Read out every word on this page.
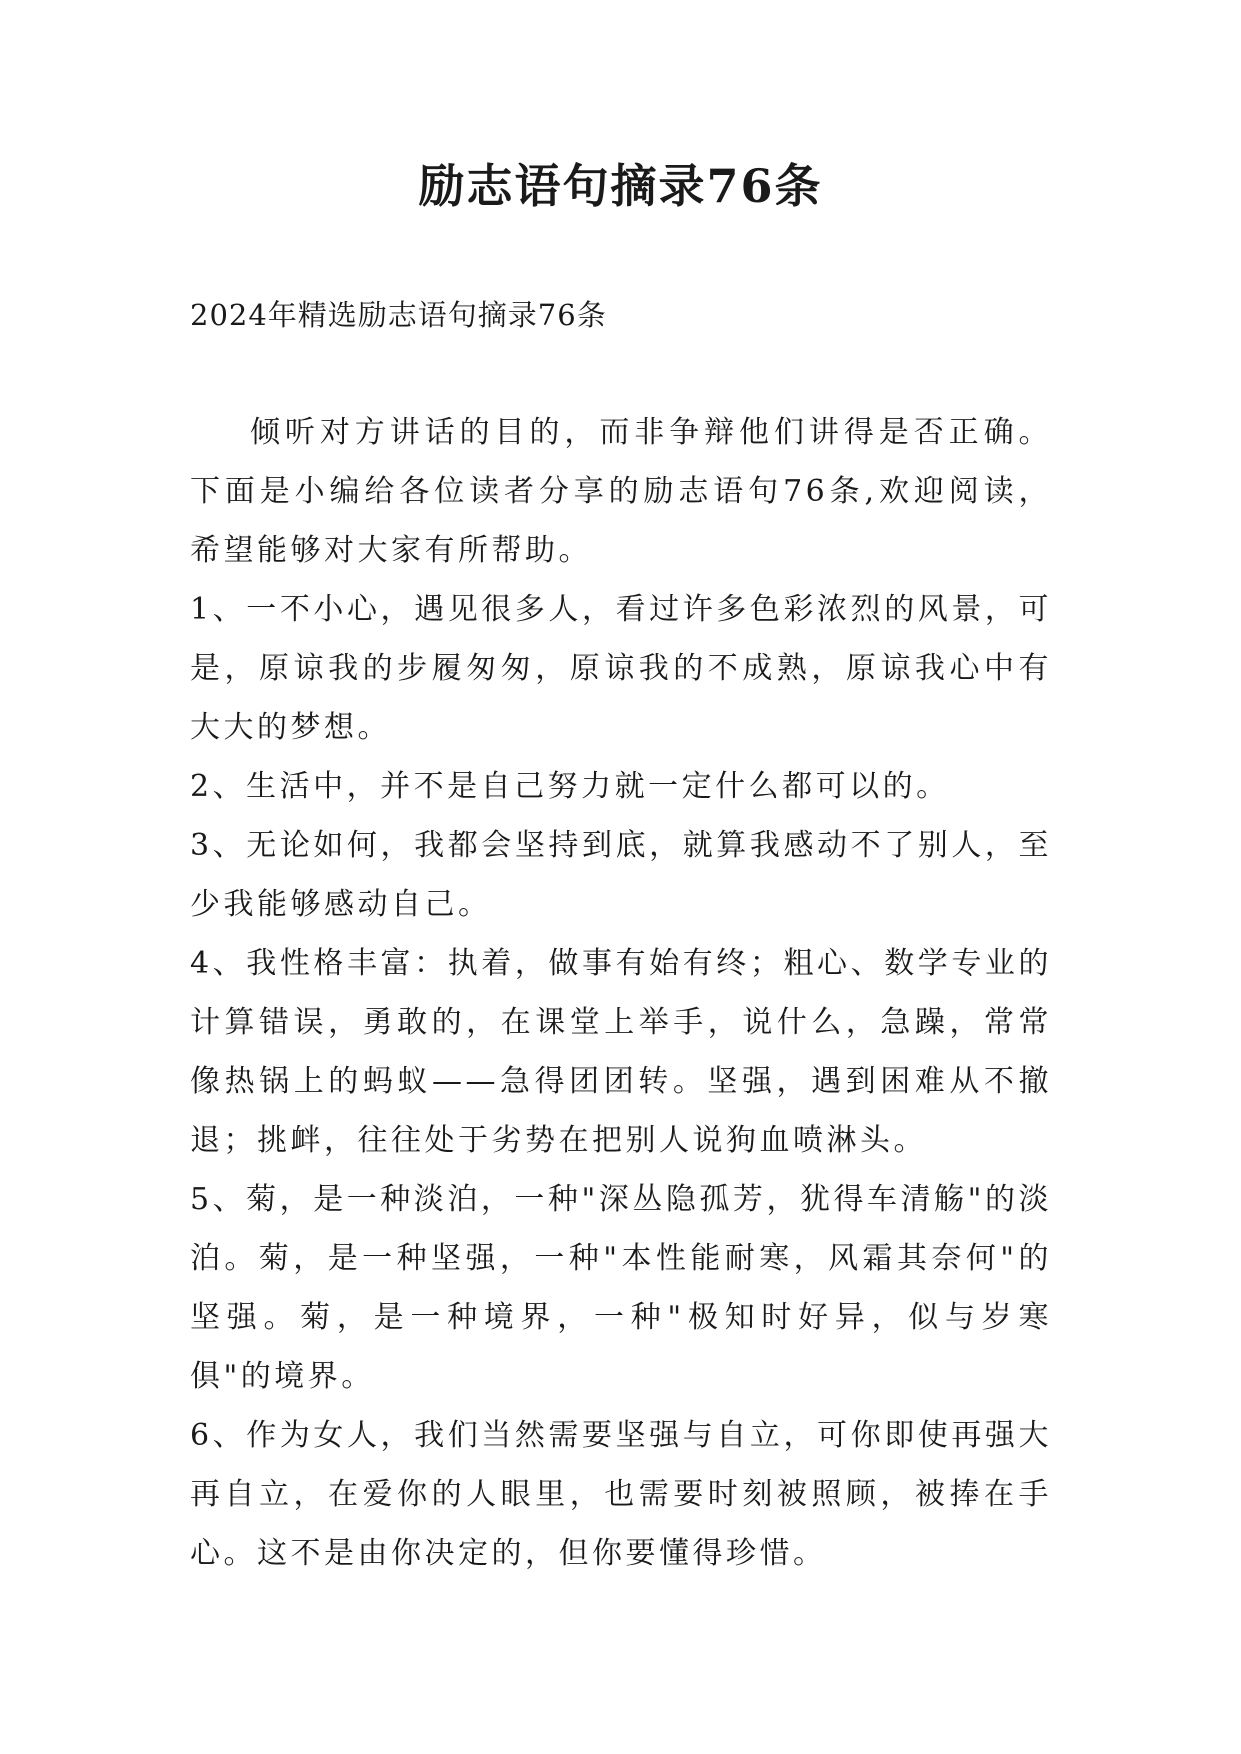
励志语句摘录76条
2024年精选励志语句摘录76条

倾听对方讲话的目的，而非争辩他们讲得是否正确。下面是小编给各位读者分享的励志语句76条,欢迎阅读，希望能够对大家有所帮助。

1、一不小心，遇见很多人，看过许多色彩浓烈的风景，可是，原谅我的步履匆匆，原谅我的不成熟，原谅我心中有大大的梦想。

2、生活中，并不是自己努力就一定什么都可以的。

3、无论如何，我都会坚持到底，就算我感动不了别人，至少我能够感动自己。

4、我性格丰富：执着，做事有始有终；粗心、数学专业的计算错误，勇敢的，在课堂上举手，说什么，急躁，常常像热锅上的蚂蚁——急得团团转。坚强，遇到困难从不撤退；挑衅，往往处于劣势在把别人说狗血喷淋头。

5、菊，是一种淡泊，一种"深丛隐孤芳，犹得车清觞"的淡泊。菊，是一种坚强，一种"本性能耐寒，风霜其奈何"的坚强。菊，是一种境界，一种"极知时好异，似与岁寒俱"的境界。

6、作为女人，我们当然需要坚强与自立，可你即使再强大再自立，在爱你的人眼里，也需要时刻被照顾，被捧在手心。这不是由你决定的，但你要懂得珍惜。
